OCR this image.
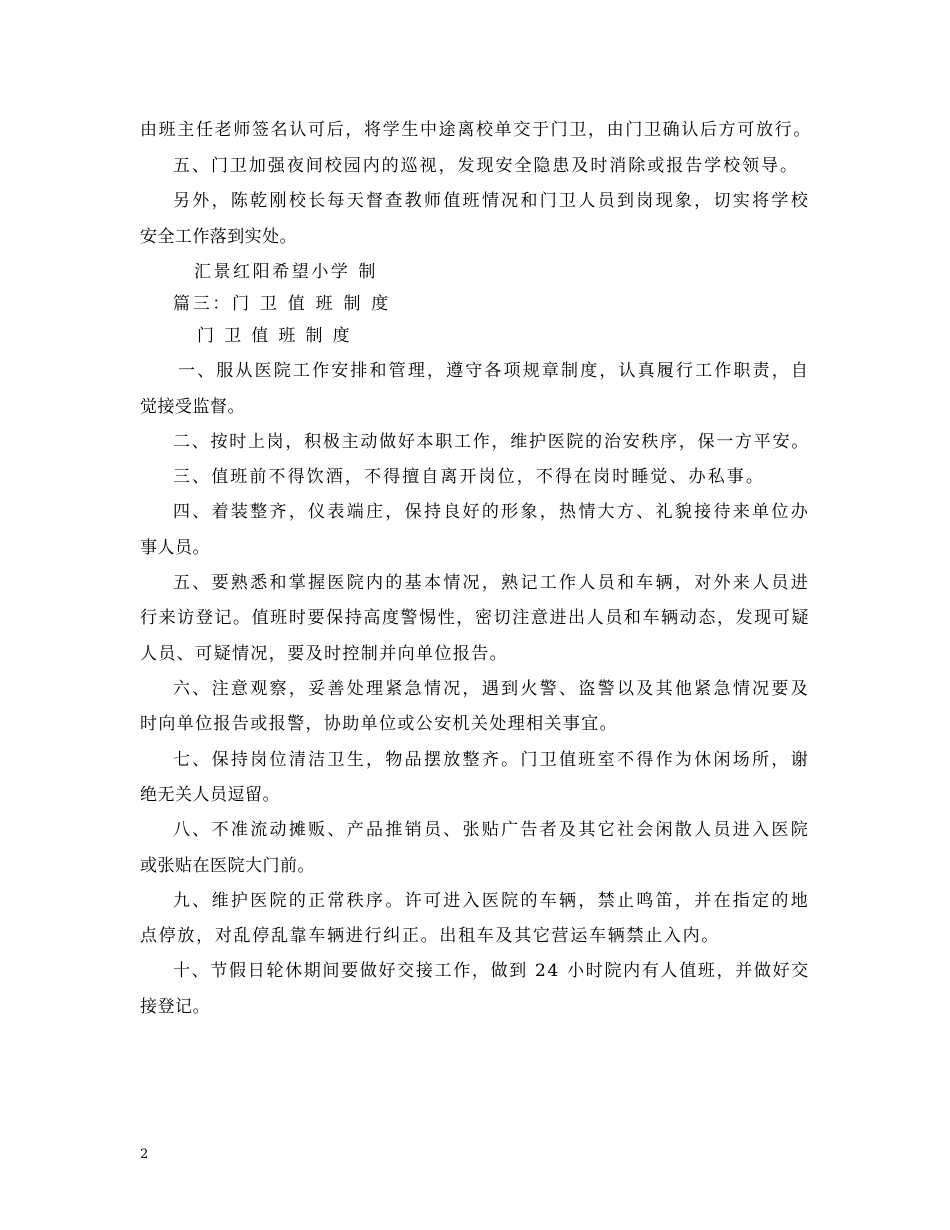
由班主任老师签名认可后，将学生中途离校单交于门卫，由门卫确认后方可放行。
五、门卫加强夜间校园内的巡视，发现安全隐患及时消除或报告学校领导。
另外，陈乾刚校长每天督查教师值班情况和门卫人员到岗现象，切实将学校
安全工作落到实处。
汇景红阳希望小学 制
篇三：门 卫 值 班 制 度
门 卫 值 班 制 度
一、服从医院工作安排和管理，遵守各项规章制度，认真履行工作职责，自
觉接受监督。
二、按时上岗，积极主动做好本职工作，维护医院的治安秩序，保一方平安。
三、值班前不得饮酒，不得擅自离开岗位，不得在岗时睡觉、办私事。
四、着装整齐，仪表端庄，保持良好的形象，热情大方、礼貌接待来单位办
事人员。
五、要熟悉和掌握医院内的基本情况，熟记工作人员和车辆，对外来人员进
行来访登记。值班时要保持高度警惕性，密切注意进出人员和车辆动态，发现可疑
人员、可疑情况，要及时控制并向单位报告。
六、注意观察，妥善处理紧急情况，遇到火警、盗警以及其他紧急情况要及
时向单位报告或报警，协助单位或公安机关处理相关事宜。
七、保持岗位清洁卫生，物品摆放整齐。门卫值班室不得作为休闲场所，谢
绝无关人员逗留。
八、不准流动摊贩、产品推销员、张贴广告者及其它社会闲散人员进入医院
或张贴在医院大门前。
九、维护医院的正常秩序。许可进入医院的车辆，禁止鸣笛，并在指定的地
点停放，对乱停乱靠车辆进行纠正。出租车及其它营运车辆禁止入内。
十、节假日轮休期间要做好交接工作，做到 24 小时院内有人值班，并做好交
接登记。
2
